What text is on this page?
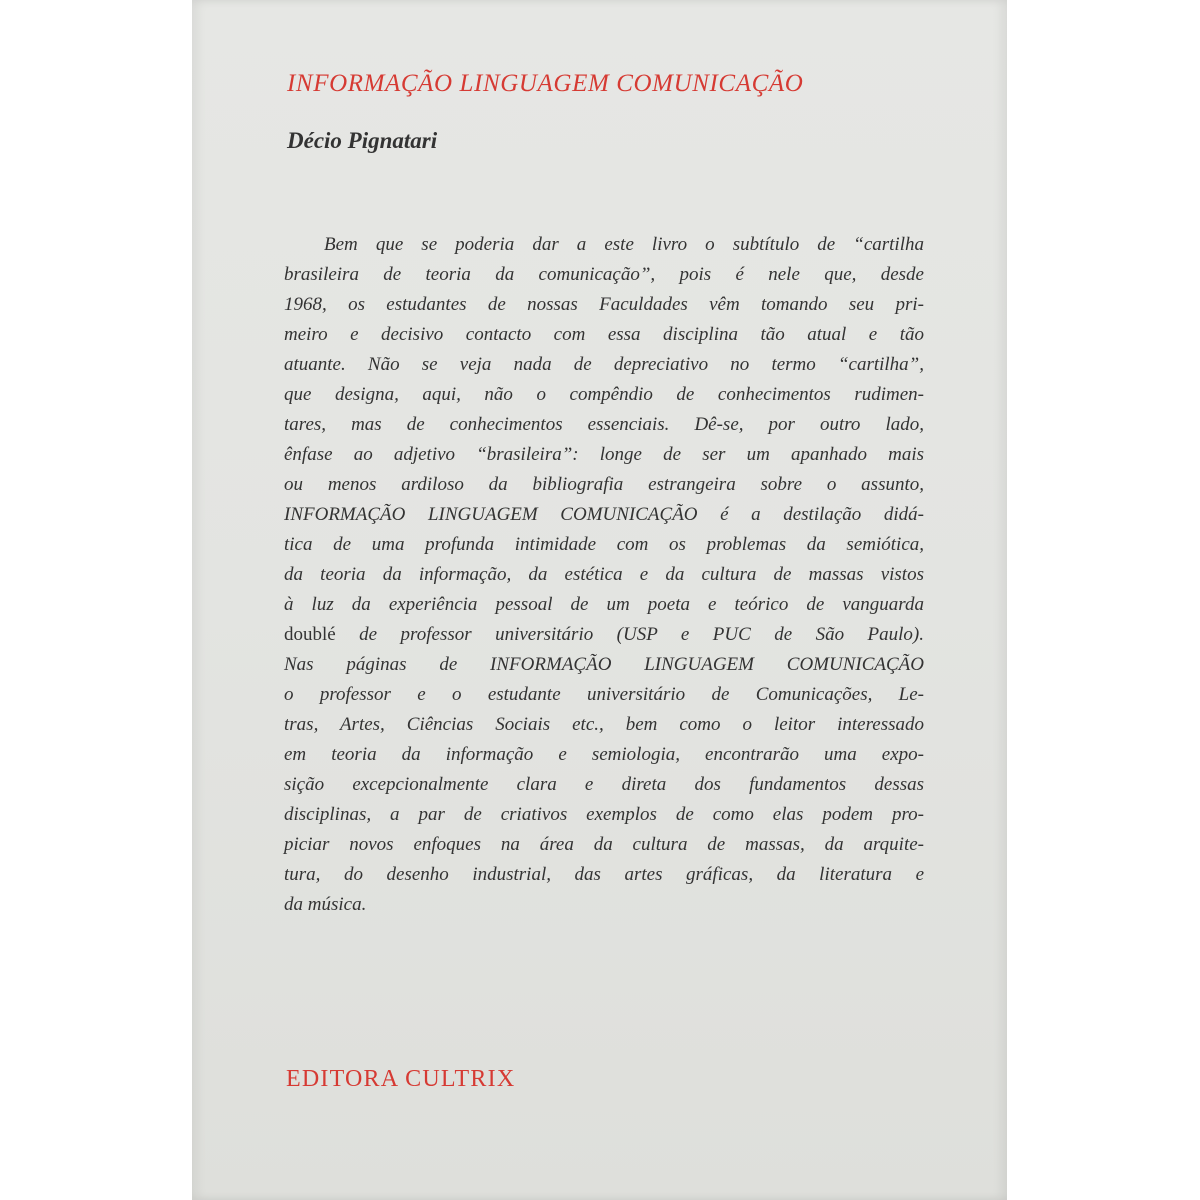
INFORMAÇÃO LINGUAGEM COMUNICAÇÃO
Décio Pignatari
Bem que se poderia dar a este livro o subtítulo de “cartilha
brasileira de teoria da comunicação”, pois é nele que, desde
1968, os estudantes de nossas Faculdades vêm tomando seu pri-
meiro e decisivo contacto com essa disciplina tão atual e tão
atuante. Não se veja nada de depreciativo no termo “cartilha”,
que designa, aqui, não o compêndio de conhecimentos rudimen-
tares, mas de conhecimentos essenciais. Dê-se, por outro lado,
ênfase ao adjetivo “brasileira”: longe de ser um apanhado mais
ou menos ardiloso da bibliografia estrangeira sobre o assunto,
INFORMAÇÃO LINGUAGEM COMUNICAÇÃO é a destilação didá-
tica de uma profunda intimidade com os problemas da semiótica,
da teoria da informação, da estética e da cultura de massas vistos
à luz da experiência pessoal de um poeta e teórico de vanguarda
doublé de professor universitário (USP e PUC de São Paulo).
Nas páginas de INFORMAÇÃO LINGUAGEM COMUNICAÇÃO
o professor e o estudante universitário de Comunicações, Le-
tras, Artes, Ciências Sociais etc., bem como o leitor interessado
em teoria da informação e semiologia, encontrarão uma expo-
sição excepcionalmente clara e direta dos fundamentos dessas
disciplinas, a par de criativos exemplos de como elas podem pro-
piciar novos enfoques na área da cultura de massas, da arquite-
tura, do desenho industrial, das artes gráficas, da literatura e
da música.
EDITORA CULTRIX
